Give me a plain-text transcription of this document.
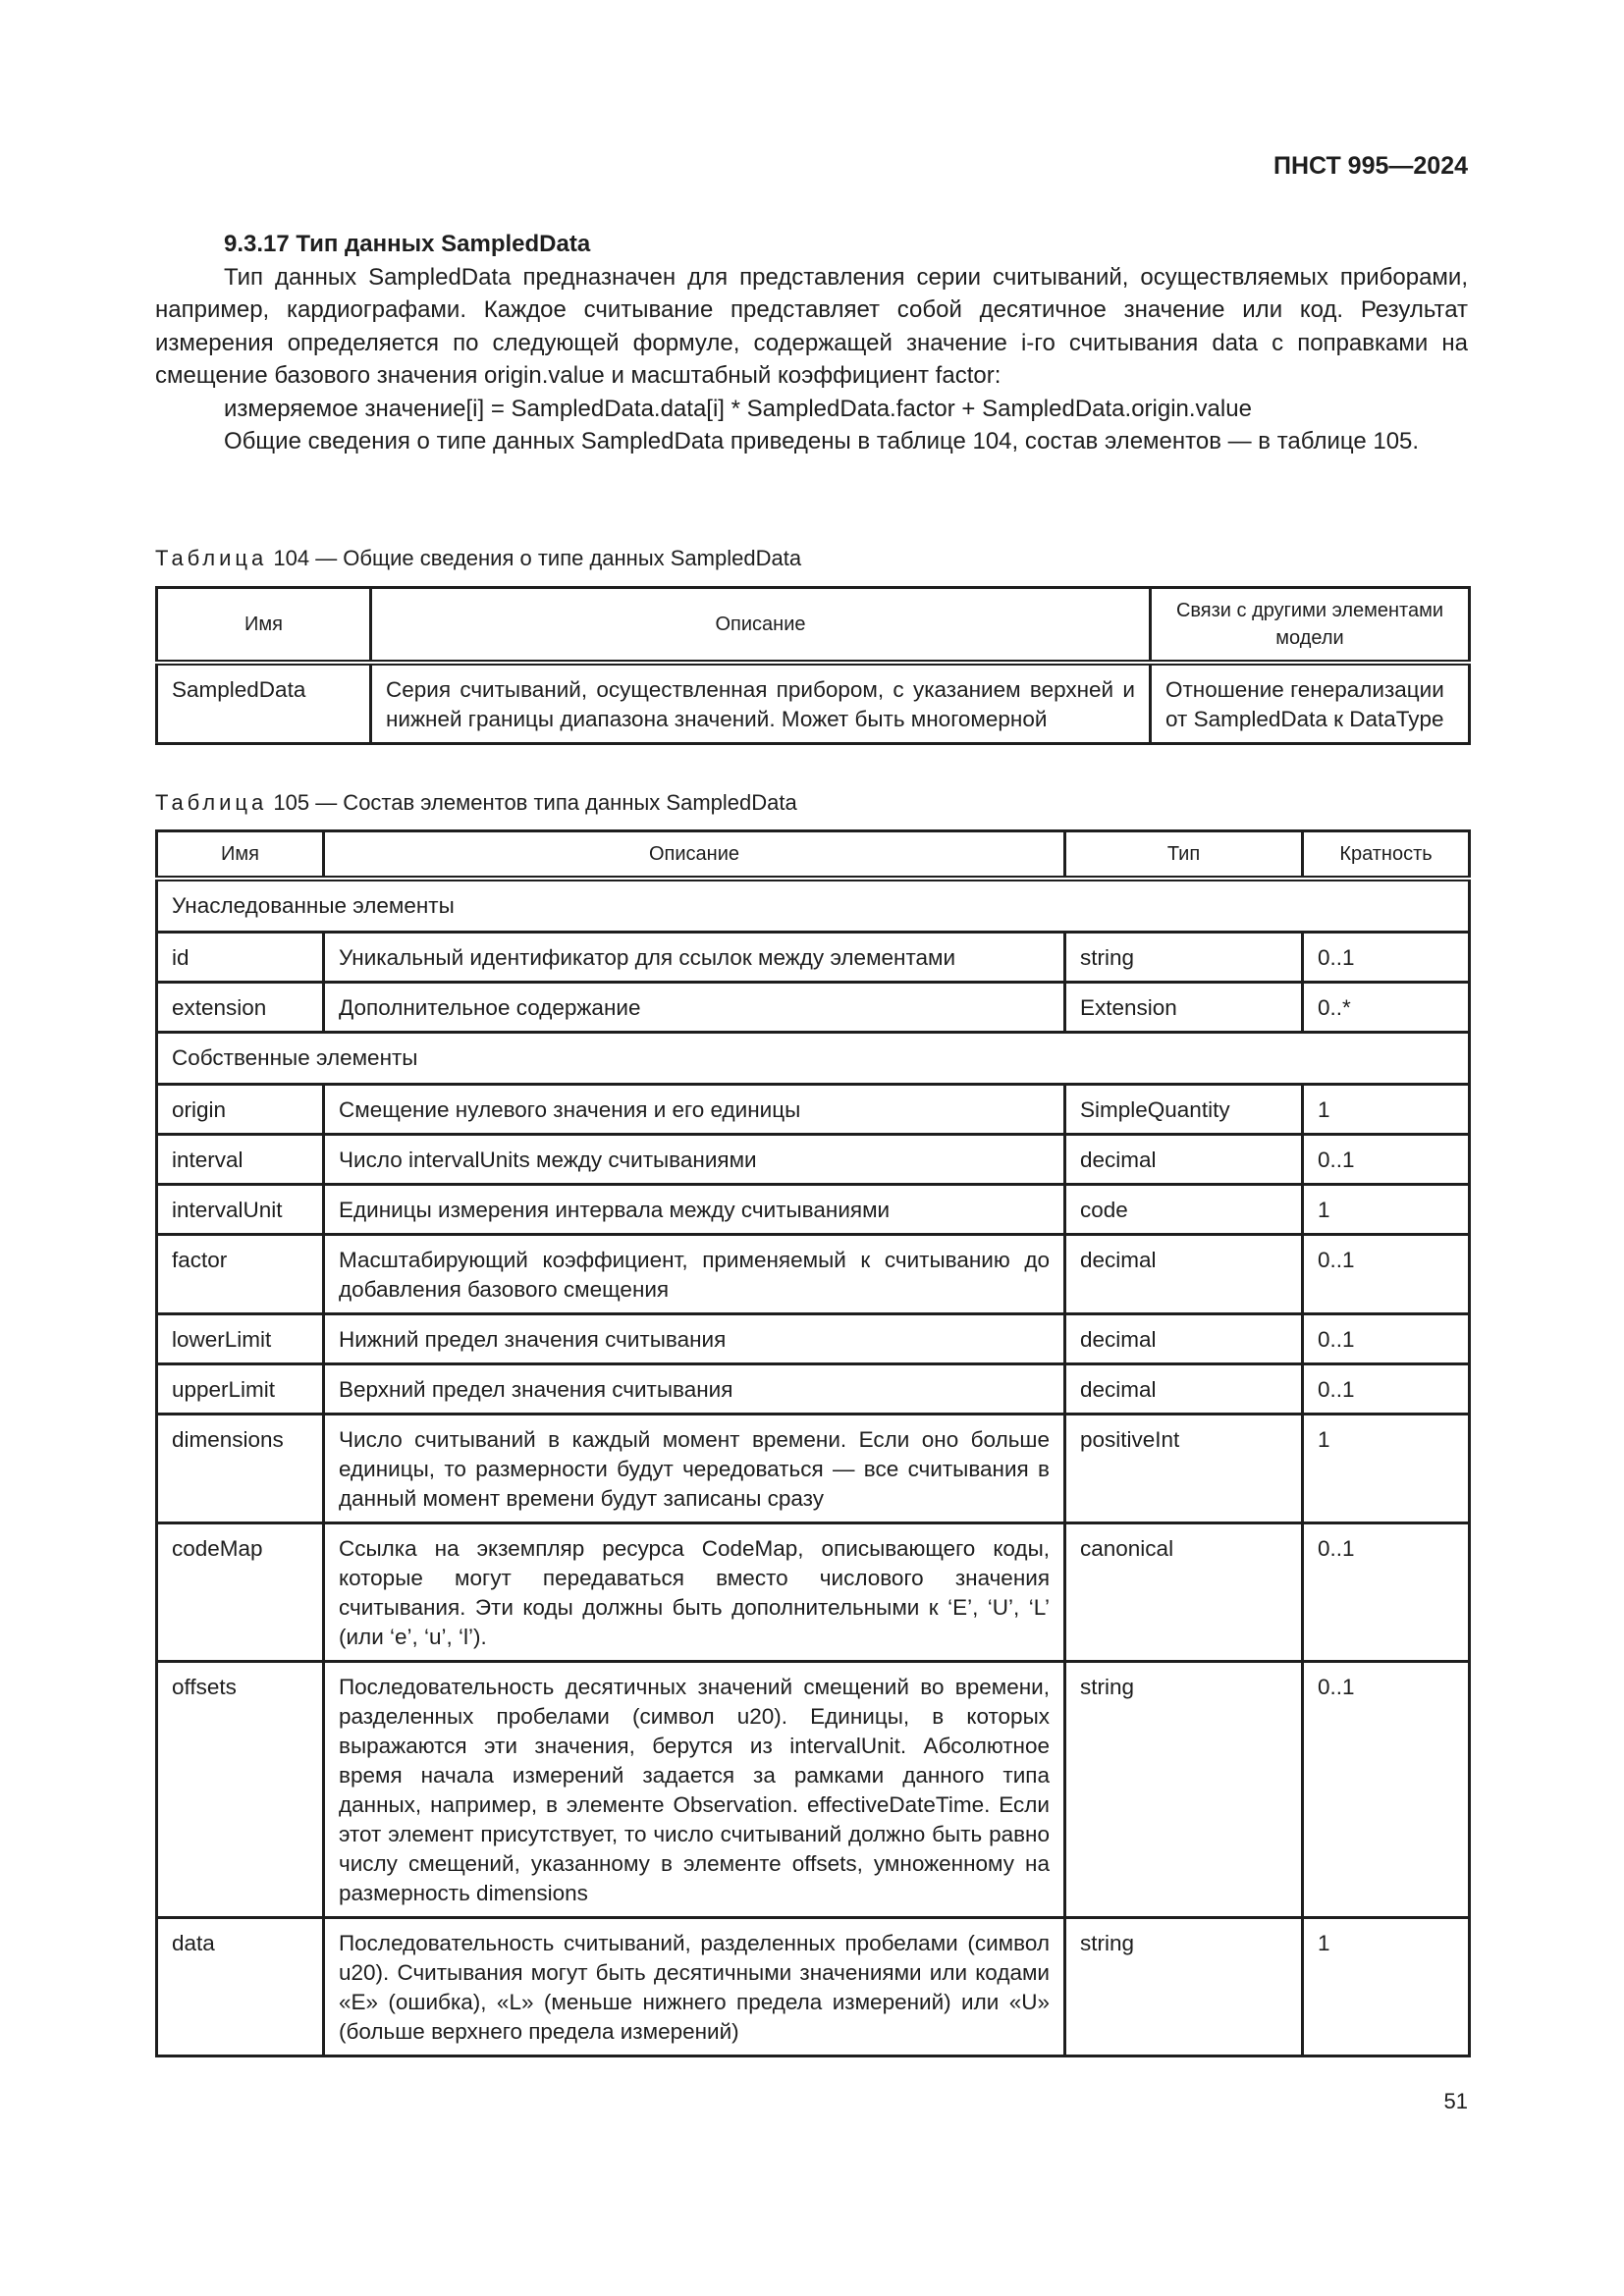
ПНСТ 995—2024

9.3.17 Тип данных SampledData

Тип данных SampledData предназначен для представления серии считываний, осуществляемых приборами, например, кардиографами. Каждое считывание представляет собой десятичное значение или код. Результат измерения определяется по следующей формуле, содержащей значение i-го считывания data с поправками на смещение базового значения origin.value и масштабный коэффициент factor:

измеряемое значение[i] = SampledData.data[i] * SampledData.factor + SampledData.origin.value

Общие сведения о типе данных SampledData приведены в таблице 104, состав элементов — в таблице 105.

Таблица 104 — Общие сведения о типе данных SampledData
Имя	Описание	Связи с другими элементами модели
SampledData	Серия считываний, осуществленная прибором, с указанием верхней и нижней границы диапазона значений. Может быть многомерной	Отношение генерализации от SampledData к DataType
Таблица 105 — Состав элементов типа данных SampledData
Имя	Описание	Тип	Кратность
Унаследованные элементы			
id	Уникальный идентификатор для ссылок между элементами	string	0..1
extension	Дополнительное содержание	Extension	0..*
Собственные элементы			
origin	Смещение нулевого значения и его единицы	SimpleQuantity	1
interval	Число intervalUnits между считываниями	decimal	0..1
intervalUnit	Единицы измерения интервала между считываниями	code	1
factor	Масштабирующий коэффициент, применяемый к считыванию до добавления базового смещения	decimal	0..1
lowerLimit	Нижний предел значения считывания	decimal	0..1
upperLimit	Верхний предел значения считывания	decimal	0..1
dimensions	Число считываний в каждый момент времени. Если оно больше единицы, то размерности будут чередоваться — все считывания в данный момент времени будут записаны сразу	positiveInt	1
codeMap	Ссылка на экземпляр ресурса CodeMap, описывающего коды, которые могут передаваться вместо числового значения считывания. Эти коды должны быть дополнительными к ‘E’, ‘U’, ‘L’ (или ‘e’, ‘u’, ‘l’).	canonical	0..1
offsets	Последовательность десятичных значений смещений во времени, разделенных пробелами (символ u20). Единицы, в которых выражаются эти значения, берутся из intervalUnit. Абсолютное время начала измерений задается за рамками данного типа данных, например, в элементе Observation. effectiveDateTime. Если этот элемент присутствует, то число считываний должно быть равно числу смещений, указанному в элементе offsets, умноженному на размерность dimensions	string	0..1
data	Последовательность считываний, разделенных пробелами (символ u20). Считывания могут быть десятичными значениями или кодами «E» (ошибка), «L» (меньше нижнего предела измерений) или «U» (больше верхнего предела измерений)	string	1
51
